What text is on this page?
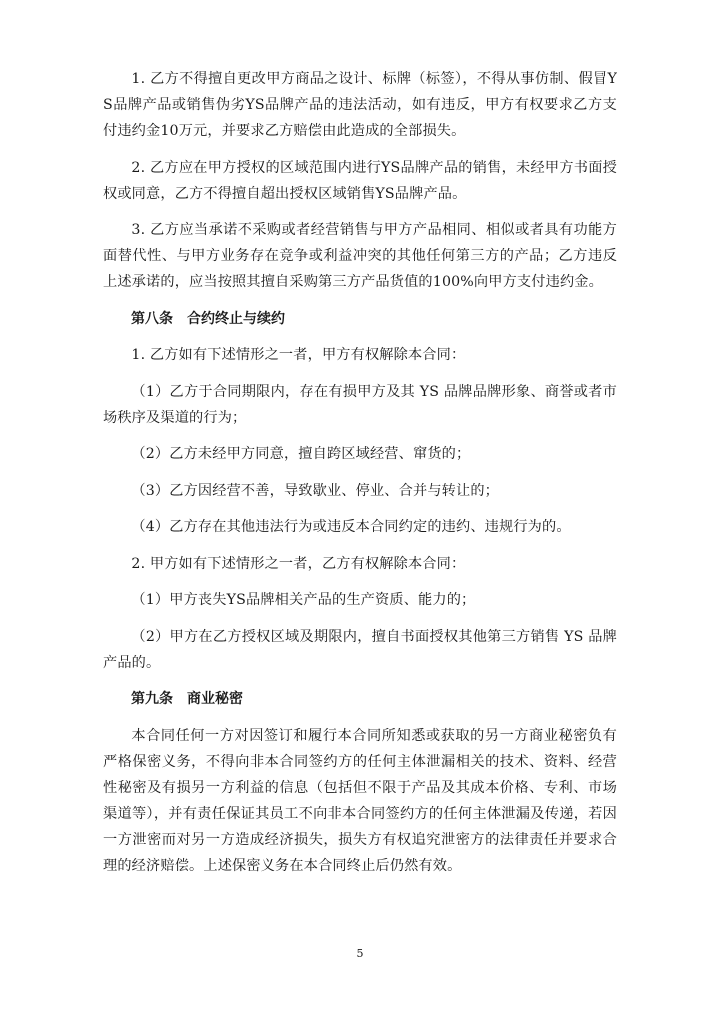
1. 乙方不得擅自更改甲方商品之设计、标牌（标签），不得从事仿制、假冒YS品牌产品或销售伪劣YS品牌产品的违法活动，如有违反，甲方有权要求乙方支付违约金10万元，并要求乙方赔偿由此造成的全部损失。

2. 乙方应在甲方授权的区域范围内进行YS品牌产品的销售，未经甲方书面授权或同意，乙方不得擅自超出授权区域销售YS品牌产品。

3. 乙方应当承诺不采购或者经营销售与甲方产品相同、相似或者具有功能方面替代性、与甲方业务存在竞争或利益冲突的其他任何第三方的产品；乙方违反上述承诺的，应当按照其擅自采购第三方产品货值的100%向甲方支付违约金。

第八条　合约终止与续约

1. 乙方如有下述情形之一者，甲方有权解除本合同：

（1）乙方于合同期限内，存在有损甲方及其 YS 品牌品牌形象、商誉或者市场秩序及渠道的行为；

（2）乙方未经甲方同意，擅自跨区域经营、窜货的；

（3）乙方因经营不善，导致歇业、停业、合并与转让的；

（4）乙方存在其他违法行为或违反本合同约定的违约、违规行为的。

2. 甲方如有下述情形之一者，乙方有权解除本合同：

（1）甲方丧失YS品牌相关产品的生产资质、能力的；

（2）甲方在乙方授权区域及期限内，擅自书面授权其他第三方销售 YS 品牌产品的。

第九条　商业秘密

本合同任何一方对因签订和履行本合同所知悉或获取的另一方商业秘密负有严格保密义务，不得向非本合同签约方的任何主体泄漏相关的技术、资料、经营性秘密及有损另一方利益的信息（包括但不限于产品及其成本价格、专利、市场渠道等），并有责任保证其员工不向非本合同签约方的任何主体泄漏及传递，若因一方泄密而对另一方造成经济损失，损失方有权追究泄密方的法律责任并要求合理的经济赔偿。上述保密义务在本合同终止后仍然有效。

5
